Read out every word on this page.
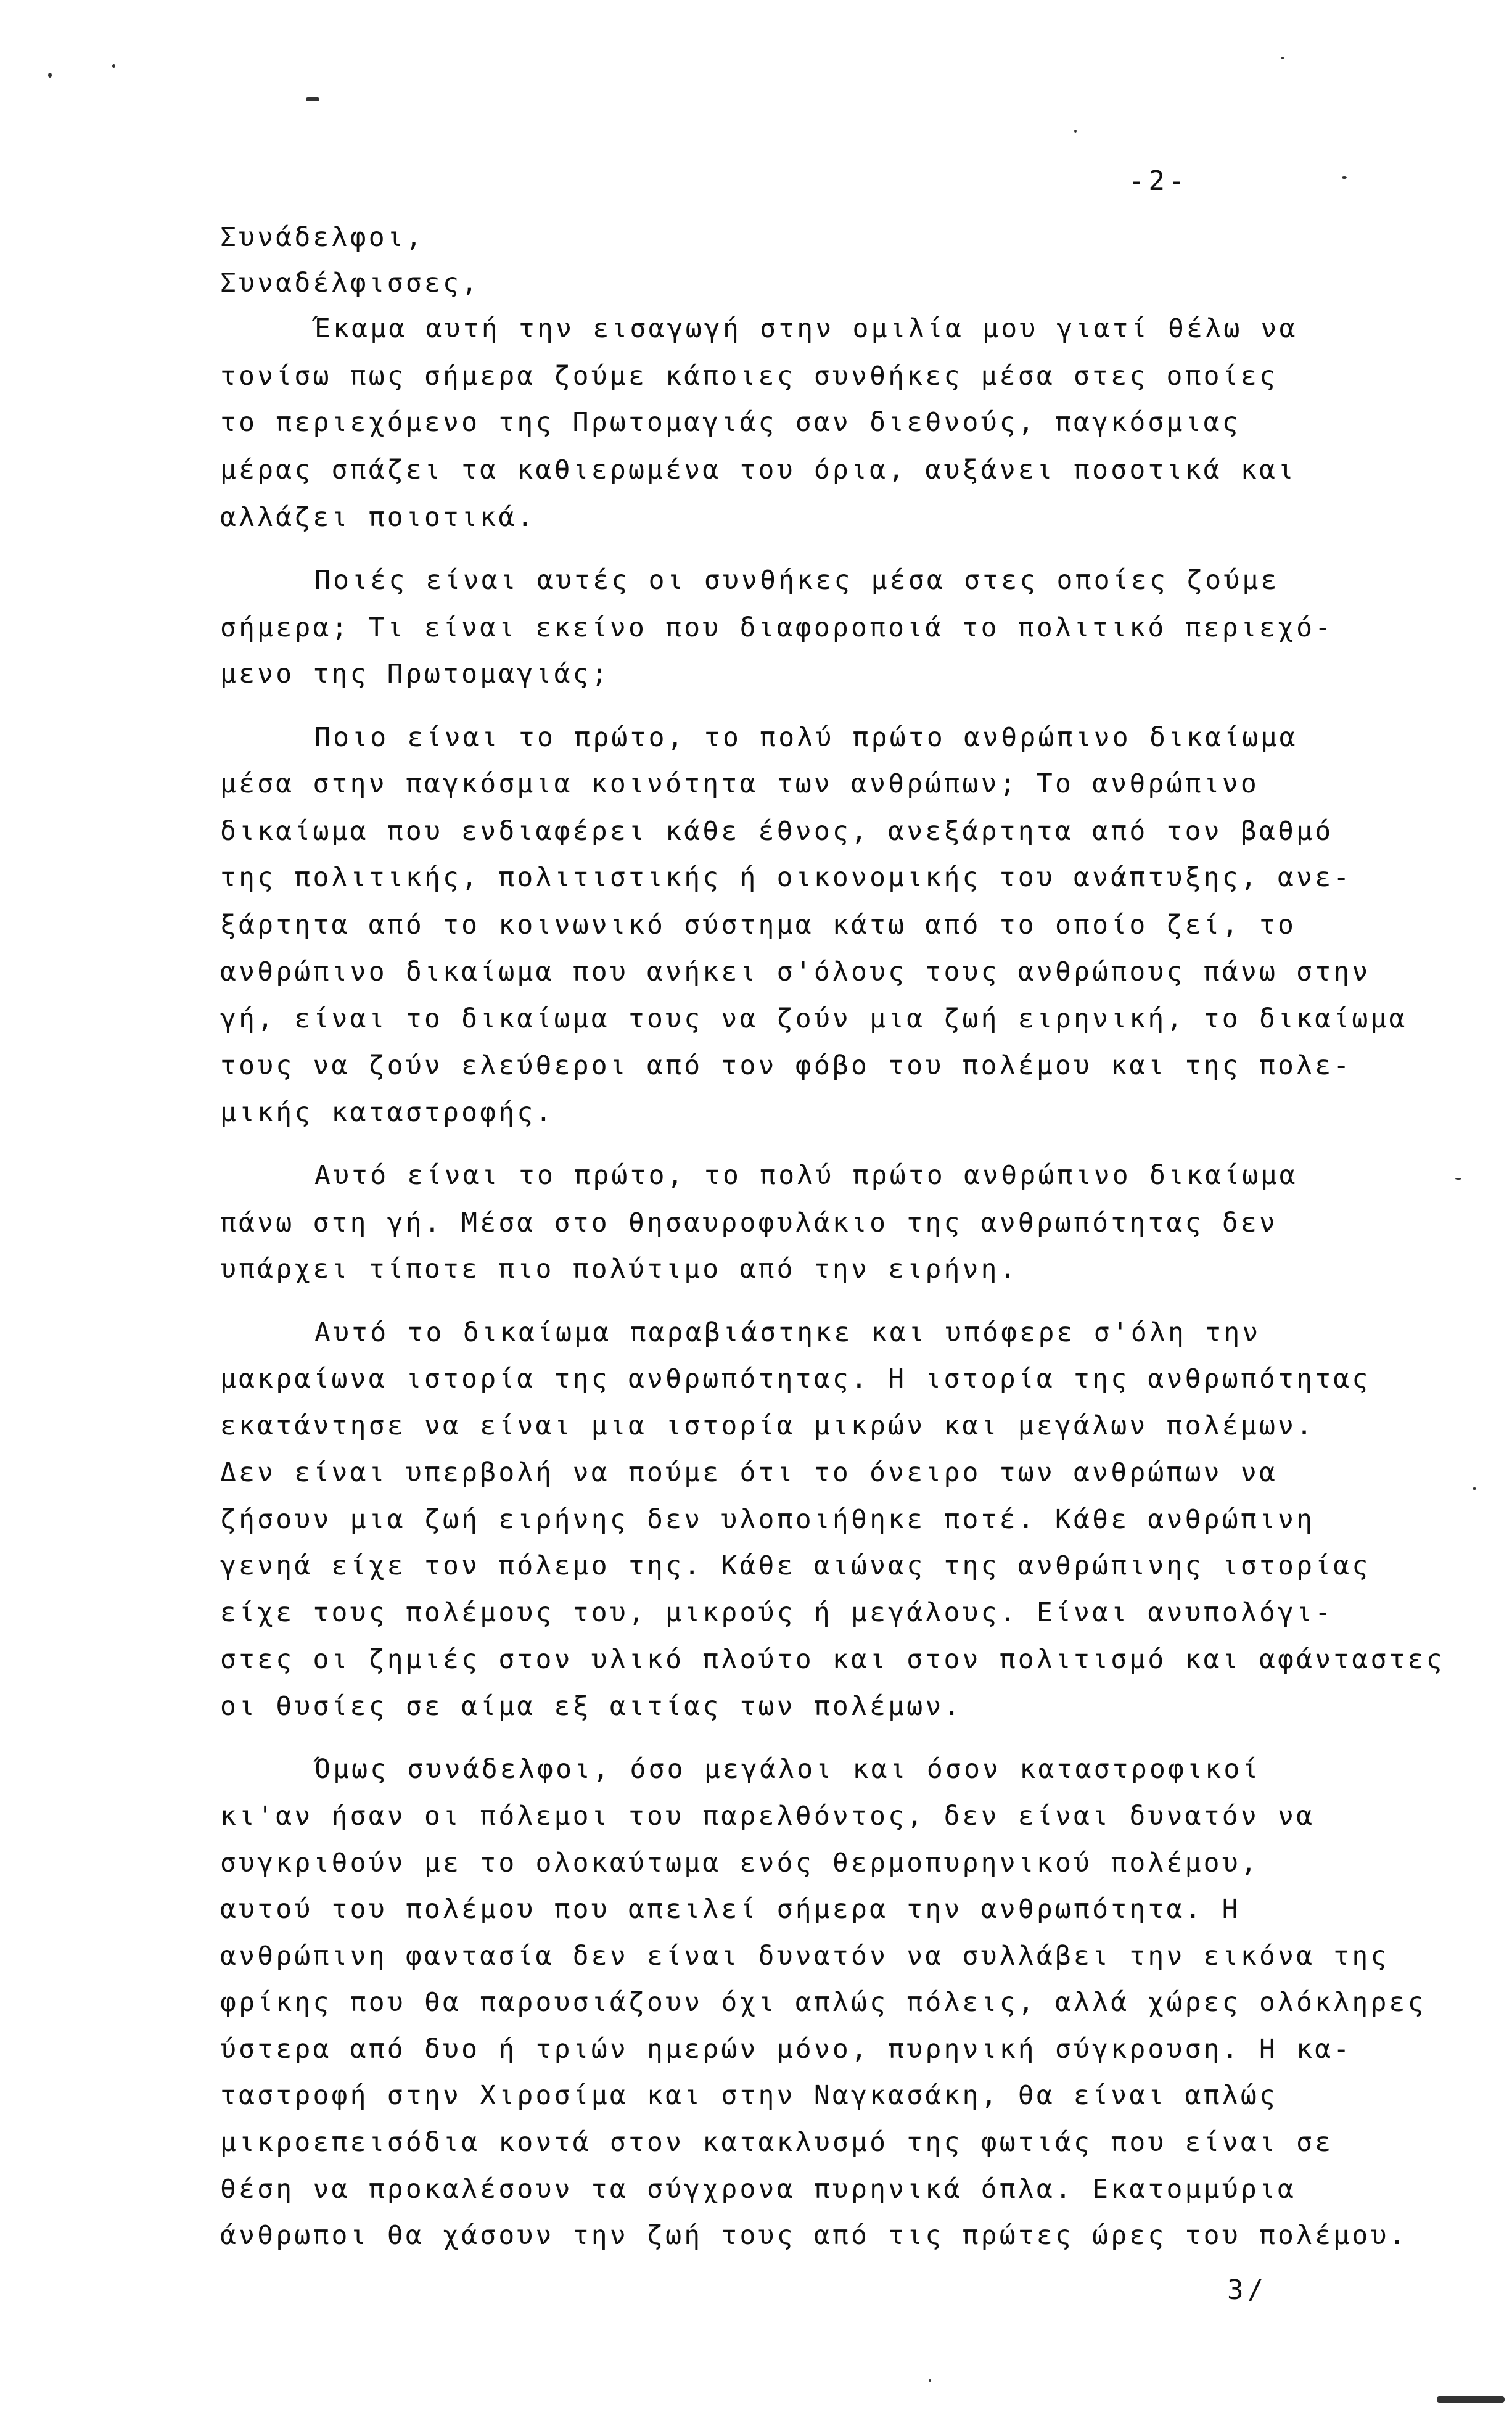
-2-
Συνάδελφοι,
Συναδέλφισσες,
Έκαμα αυτή την εισαγωγή στην ομιλία μου γιατί θέλω να
τονίσω πως σήμερα ζούμε κάποιες συνθήκες μέσα στες οποίες
το περιεχόμενο της Πρωτομαγιάς σαν διεθνούς, παγκόσμιας
μέρας σπάζει τα καθιερωμένα του όρια, αυξάνει ποσοτικά και
αλλάζει ποιοτικά.
Ποιές είναι αυτές οι συνθήκες μέσα στες οποίες ζούμε
σήμερα; Τι είναι εκείνο που διαφοροποιά το πολιτικό περιεχό-
μενο της Πρωτομαγιάς;
Ποιο είναι το πρώτο, το πολύ πρώτο ανθρώπινο δικαίωμα
μέσα στην παγκόσμια κοινότητα των ανθρώπων; Το ανθρώπινο
δικαίωμα που ενδιαφέρει κάθε έθνος, ανεξάρτητα από τον βαθμό
της πολιτικής, πολιτιστικής ή οικονομικής του ανάπτυξης, ανε-
ξάρτητα από το κοινωνικό σύστημα κάτω από το οποίο ζεί, το
ανθρώπινο δικαίωμα που ανήκει σ'όλους τους ανθρώπους πάνω στην
γή, είναι το δικαίωμα τους να ζούν μια ζωή ειρηνική, το δικαίωμα
τους να ζούν ελεύθεροι από τον φόβο του πολέμου και της πολε-
μικής καταστροφής.
Αυτό είναι το πρώτο, το πολύ πρώτο ανθρώπινο δικαίωμα
πάνω στη γή. Μέσα στο θησαυροφυλάκιο της ανθρωπότητας δεν
υπάρχει τίποτε πιο πολύτιμο από την ειρήνη.
Αυτό το δικαίωμα παραβιάστηκε και υπόφερε σ'όλη την
μακραίωνα ιστορία της ανθρωπότητας. Η ιστορία της ανθρωπότητας
εκατάντησε να είναι μια ιστορία μικρών και μεγάλων πολέμων.
Δεν είναι υπερβολή να πούμε ότι το όνειρο των ανθρώπων να
ζήσουν μια ζωή ειρήνης δεν υλοποιήθηκε ποτέ. Κάθε ανθρώπινη
γενηά είχε τον πόλεμο της. Κάθε αιώνας της ανθρώπινης ιστορίας
είχε τους πολέμους του, μικρούς ή μεγάλους. Είναι ανυπολόγι-
στες οι ζημιές στον υλικό πλούτο και στον πολιτισμό και αφάνταστες
οι θυσίες σε αίμα εξ αιτίας των πολέμων.
Όμως συνάδελφοι, όσο μεγάλοι και όσον καταστροφικοί
κι'αν ήσαν οι πόλεμοι του παρελθόντος, δεν είναι δυνατόν να
συγκριθούν με το ολοκαύτωμα ενός θερμοπυρηνικού πολέμου,
αυτού του πολέμου που απειλεί σήμερα την ανθρωπότητα. Η
ανθρώπινη φαντασία δεν είναι δυνατόν να συλλάβει την εικόνα της
φρίκης που θα παρουσιάζουν όχι απλώς πόλεις, αλλά χώρες ολόκληρες
ύστερα από δυο ή τριών ημερών μόνο, πυρηνική σύγκρουση. Η κα-
ταστροφή στην Χιροσίμα και στην Ναγκασάκη, θα είναι απλώς
μικροεπεισόδια κοντά στον κατακλυσμό της φωτιάς που είναι σε
θέση να προκαλέσουν τα σύγχρονα πυρηνικά όπλα. Εκατομμύρια
άνθρωποι θα χάσουν την ζωή τους από τις πρώτες ώρες του πολέμου.
3/
